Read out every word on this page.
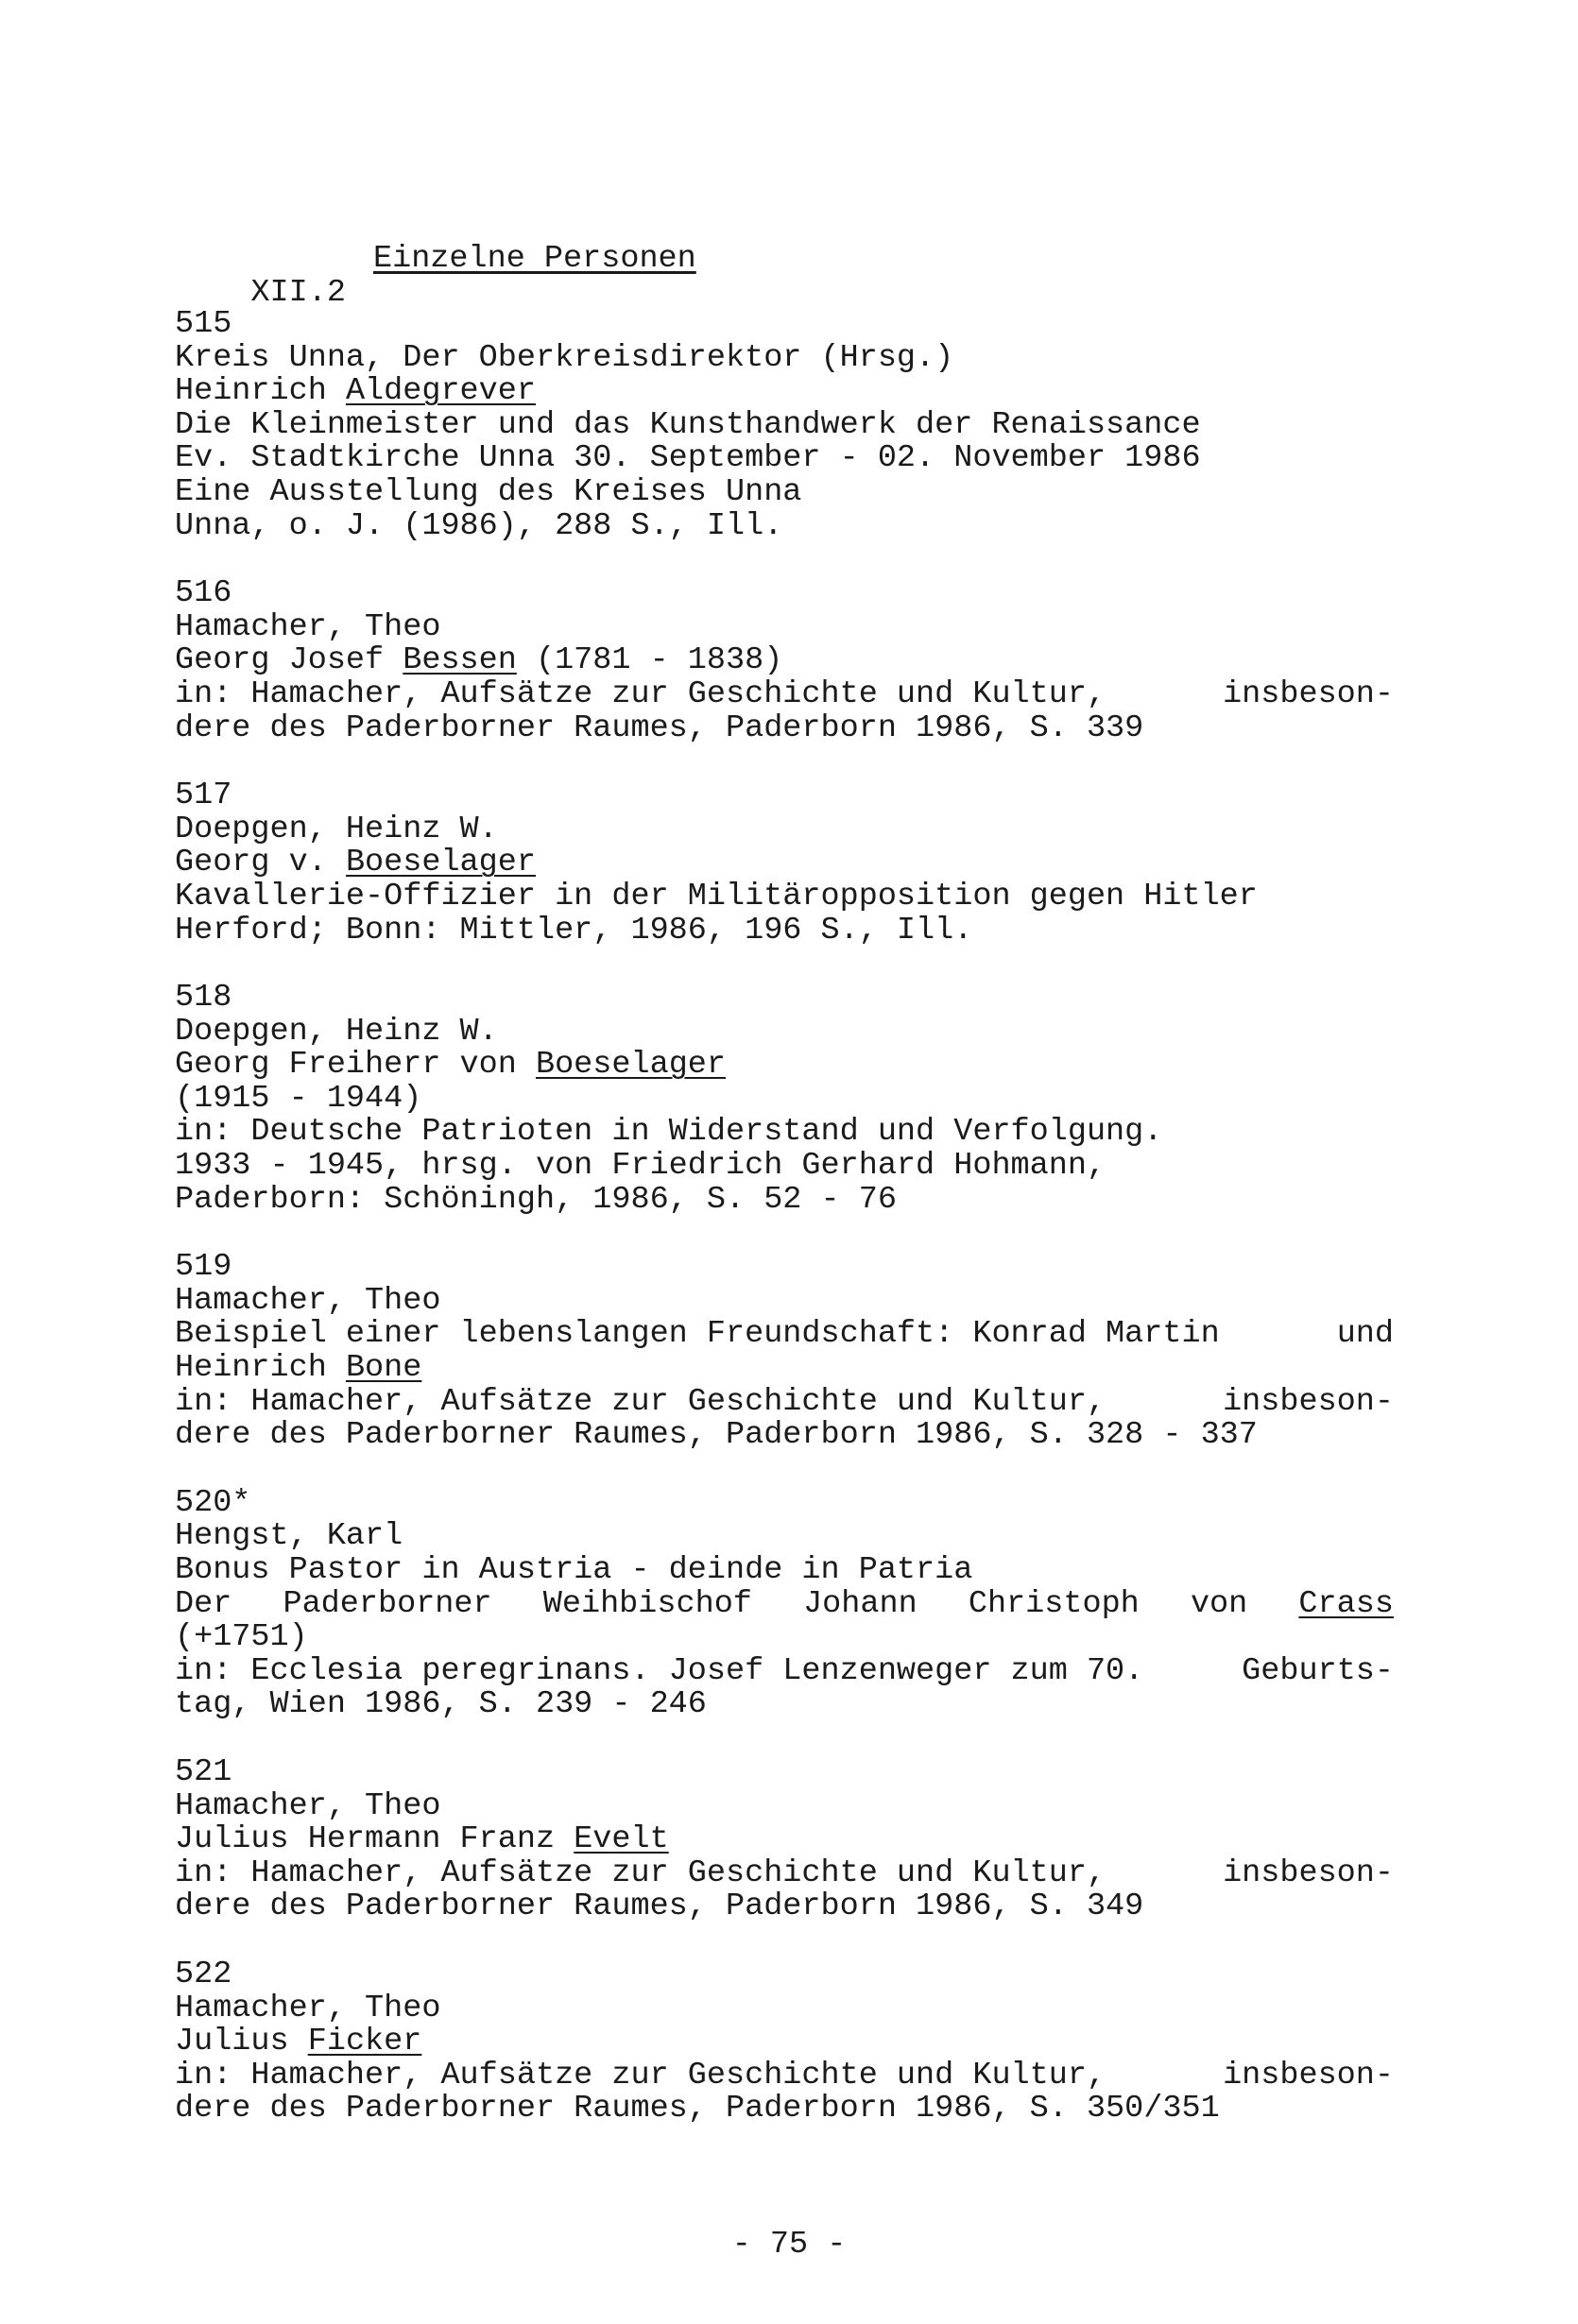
XII.2

Einzelne Personen

515
Kreis Unna, Der Oberkreisdirektor (Hrsg.)
Heinrich Aldegrever
Die Kleinmeister und das Kunsthandwerk der Renaissance
Ev. Stadtkirche Unna 30. September - 02. November 1986
Eine Ausstellung des Kreises Unna
Unna, o. J. (1986), 288 S., Ill.
516
Hamacher, Theo
Georg Josef Bessen (1781 - 1838)
in: Hamacher, Aufsätze zur Geschichte und Kultur,	insbeson-
dere des Paderborner Raumes, Paderborn 1986, S. 339
517
Doepgen, Heinz W.
Georg v. Boeselager
Kavallerie-Offizier in der Militäropposition gegen Hitler
Herford; Bonn: Mittler, 1986, 196 S., Ill.
518
Doepgen, Heinz W.
Georg Freiherr von Boeselager
(1915 - 1944)
in: Deutsche Patrioten in Widerstand und Verfolgung.
1933 - 1945, hrsg. von Friedrich Gerhard Hohmann,
Paderborn: Schöningh, 1986, S. 52 - 76
519
Hamacher, Theo
Beispiel einer lebenslangen Freundschaft: Konrad Martin	und
Heinrich Bone
in: Hamacher, Aufsätze zur Geschichte und Kultur,	insbeson-
dere des Paderborner Raumes, Paderborn 1986, S. 328 - 337
520*
Hengst, Karl
Bonus Pastor in Austria - deinde in Patria
Der Paderborner Weihbischof Johann Christoph von Crass
(+1751)
in: Ecclesia peregrinans. Josef Lenzenweger zum 70.	Geburts-
tag, Wien 1986, S. 239 - 246
521
Hamacher, Theo
Julius Hermann Franz Evelt
in: Hamacher, Aufsätze zur Geschichte und Kultur,	insbeson-
dere des Paderborner Raumes, Paderborn 1986, S. 349
522
Hamacher, Theo
Julius Ficker
in: Hamacher, Aufsätze zur Geschichte und Kultur,	insbeson-
dere des Paderborner Raumes, Paderborn 1986, S. 350/351
- 75 -
